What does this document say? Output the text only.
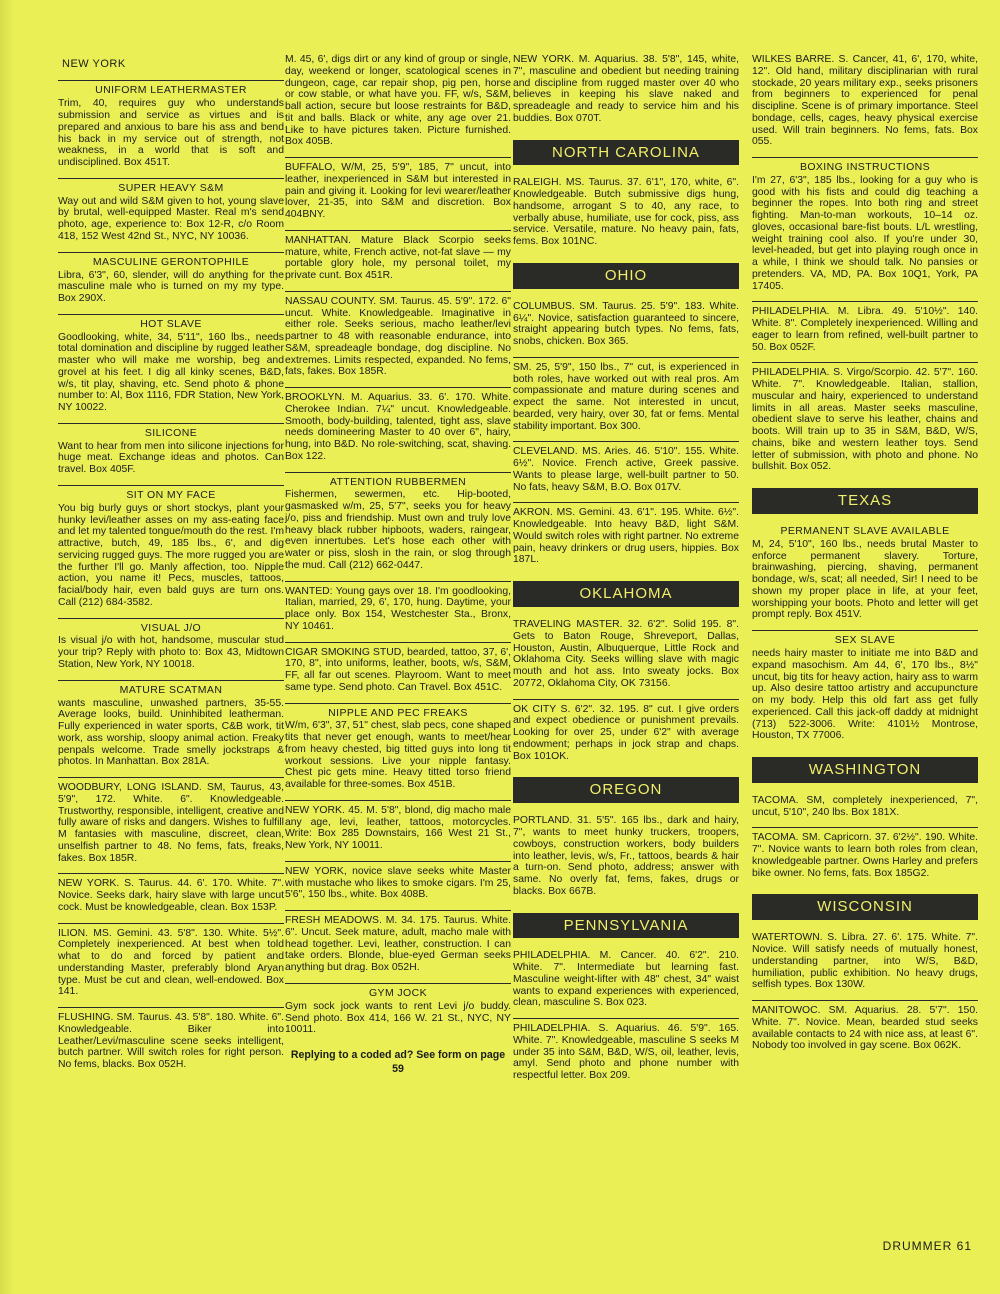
NEW YORK
UNIFORM LEATHERMASTER
Trim, 40, requires guy who understands submission and service as virtues and is prepared and anxious to bare his ass and bend his back in my service out of strength, not weakness, in a world that is soft and undisciplined. Box 451T.
SUPER HEAVY S&M
Way out and wild S&M given to hot, young slave by brutal, well-equipped Master. Real m's send photo, age, experience to: Box 12-R, c/o Room 418, 152 West 42nd St., NYC, NY 10036.
MASCULINE GERONTOPHILE
Libra, 6'3", 60, slender, will do anything for the masculine male who is turned on my my type. Box 290X.
HOT SLAVE
Goodlooking, white, 34, 5'11", 160 lbs., needs total domination and discipline by rugged leather master who will make me worship, beg and grovel at his feet. I dig all kinky scenes, B&D, w/s, tit play, shaving, etc. Send photo & phone number to: Al, Box 1116, FDR Station, New York, NY 10022.
SILICONE
Want to hear from men into silicone injections for huge meat. Exchange ideas and photos. Can travel. Box 405F.
SIT ON MY FACE
You big burly guys or short stockys, plant your hunky levi/leather asses on my ass-eating face and let my talented tongue/mouth do the rest. I'm attractive, butch, 49, 185 lbs., 6', and dig servicing rugged guys. The more rugged you are the further I'll go. Manly affection, too. Nipple action, you name it! Pecs, muscles, tattoos, facial/body hair, even bald guys are turn ons. Call (212) 684-3582.
VISUAL J/O
Is visual j/o with hot, handsome, muscular stud your trip? Reply with photo to: Box 43, Midtown Station, New York, NY 10018.
MATURE SCATMAN
wants masculine, unwashed partners, 35-55. Average looks, build. Uninhibited leatherman. Fully experienced in water sports, C&B work, tit work, ass worship, sloopy animal action. Freaky penpals welcome. Trade smelly jockstraps & photos. In Manhattan. Box 281A.
WOODBURY, LONG ISLAND. SM, Taurus, 43, 5'9", 172. White. 6". Knowledgeable. Trustworthy, responsible, intelligent, creative and fully aware of risks and dangers. Wishes to fulfill M fantasies with masculine, discreet, clean, unselfish partner to 48. No fems, fats, freaks, fakes. Box 185R.
NEW YORK. S. Taurus. 44. 6'. 170. White. 7". Novice. Seeks dark, hairy slave with large uncut cock. Must be knowledgeable, clean. Box 153P.
ILION. MS. Gemini. 43. 5'8". 130. White. 5½". Completely inexperienced. At best when told what to do and forced by patient and understanding Master, preferably blond Aryan type. Must be cut and clean, well-endowed. Box 141.
FLUSHING. SM. Taurus. 43. 5'8". 180. White. 6". Knowledgeable. Biker into Leather/Levi/masculine scene seeks intelligent, butch partner. Will switch roles for right person. No fems, blacks. Box 052H.
M. 45, 6', digs dirt or any kind of group or single, day, weekend or longer, scatological scenes in dungeon, cage, car repair shop, pig pen, horse or cow stable, or what have you. FF, w/s, S&M, ball action, secure but loose restraints for B&D, tit and balls. Black or white, any age over 21. Like to have pictures taken. Picture furnished. Box 405B.
BUFFALO, W/M, 25, 5'9", 185, 7" uncut, into leather, inexperienced in S&M but interested in pain and giving it. Looking for levi wearer/leather lover, 21-35, into S&M and discretion. Box 404BNY.
MANHATTAN. Mature Black Scorpio seeks mature, white, French active, not-fat slave — my portable glory hole, my personal toilet, my private cunt. Box 451R.
NASSAU COUNTY. SM. Taurus. 45. 5'9". 172. 6" uncut. White. Knowledgeable. Imaginative in either role. Seeks serious, macho leather/levi partner to 48 with reasonable endurance, into S&M, spreadeagle bondage, dog discipline. No extremes. Limits respected, expanded. No fems, fats, fakes. Box 185R.
BROOKLYN. M. Aquarius. 33. 6'. 170. White. Cherokee Indian. 7¼" uncut. Knowledgeable. Smooth, body-building, talented, tight ass, slave needs domineering Master to 40 over 6", hairy, hung, into B&D. No role-switching, scat, shaving. Box 122.
ATTENTION RUBBERMEN
Fishermen, sewermen, etc. Hip-booted, gasmasked w/m, 25, 5'7", seeks you for heavy j/o, piss and friendship. Must own and truly love heavy black rubber hipboots, waders, raingear, even innertubes. Let's hose each other with water or piss, slosh in the rain, or slog through the mud. Call (212) 662-0447.
WANTED: Young gays over 18. I'm goodlooking, Italian, married, 29, 6', 170, hung. Daytime, your place only. Box 154, Westchester Sta., Bronx, NY 10461.
CIGAR SMOKING STUD, bearded, tattoo, 37, 6', 170, 8", into uniforms, leather, boots, w/s, S&M, FF, all far out scenes. Playroom. Want to meet same type. Send photo. Can Travel. Box 451C.
NIPPLE AND PEC FREAKS
W/m, 6'3", 37, 51" chest, slab pecs, cone shaped tits that never get enough, wants to meet/hear from heavy chested, big titted guys into long tit workout sessions. Live your nipple fantasy. Chest pic gets mine. Heavy titted torso friend available for three-somes. Box 451B.
NEW YORK. 45. M. 5'8", blond, dig macho male any age, levi, leather, tattoos, motorcycles. Write: Box 285 Downstairs, 166 West 21 St., New York, NY 10011.
NEW YORK, novice slave seeks white Master with mustache who likes to smoke cigars. I'm 25, 5'6", 150 lbs., white. Box 408B.
FRESH MEADOWS. M. 34. 175. Taurus. White. 6". Uncut. Seek mature, adult, macho male with head together. Levi, leather, construction. I can take orders. Blonde, blue-eyed German seeks anything but drag. Box 052H.
GYM JOCK
Gym sock jock wants to rent Levi j/o buddy. Send photo. Box 414, 166 W. 21 St., NYC, NY 10011.
Replying to a coded ad? See form on page 59
NEW YORK. M. Aquarius. 38. 5'8", 145, white, 7", masculine and obedient but needing training and discipline from rugged master over 40 who believes in keeping his slave naked and spreadeagle and ready to service him and his buddies. Box 070T.
NORTH CAROLINA
RALEIGH. MS. Taurus. 37. 6'1", 170, white, 6". Knowledgeable. Butch submissive digs hung, handsome, arrogant S to 40, any race, to verbally abuse, humiliate, use for cock, piss, ass service. Versatile, mature. No heavy pain, fats, fems. Box 101NC.
OHIO
COLUMBUS. SM. Taurus. 25. 5'9". 183. White. 6¼". Novice, satisfaction guaranteed to sincere, straight appearing butch types. No fems, fats, snobs, chicken. Box 365.
SM. 25, 5'9", 150 lbs., 7" cut, is experienced in both roles, have worked out with real pros. Am compassionate and mature during scenes and expect the same. Not interested in uncut, bearded, very hairy, over 30, fat or fems. Mental stability important. Box 300.
CLEVELAND. MS. Aries. 46. 5'10". 155. White. 6½". Novice. French active, Greek passive. Wants to please large, well-built partner to 50. No fats, heavy S&M, B.O. Box 017V.
AKRON. MS. Gemini. 43. 6'1". 195. White. 6½". Knowledgeable. Into heavy B&D, light S&M. Would switch roles with right partner. No extreme pain, heavy drinkers or drug users, hippies. Box 187L.
OKLAHOMA
TRAVELING MASTER. 32. 6'2". Solid 195. 8". Gets to Baton Rouge, Shreveport, Dallas, Houston, Austin, Albuquerque, Little Rock and Oklahoma City. Seeks willing slave with magic mouth and hot ass. Into sweaty jocks. Box 20772, Oklahoma City, OK 73156.
OK CITY S. 6'2". 32. 195. 8" cut. I give orders and expect obedience or punishment prevails. Looking for over 25, under 6'2" with average endowment; perhaps in jock strap and chaps. Box 101OK.
OREGON
PORTLAND. 31. 5'5". 165 lbs., dark and hairy, 7", wants to meet hunky truckers, troopers, cowboys, construction workers, body builders into leather, levis, w/s, Fr., tattoos, beards & hair a turn-on. Send photo, address; answer with same. No overly fat, fems, fakes, drugs or blacks. Box 667B.
PENNSYLVANIA
PHILADELPHIA. M. Cancer. 40. 6'2". 210. White. 7". Intermediate but learning fast. Masculine weight-lifter with 48" chest, 34" waist wants to expand experiences with experienced, clean, masculine S. Box 023.
PHILADELPHIA. S. Aquarius. 46. 5'9". 165. White. 7". Knowledgeable, masculine S seeks M under 35 into S&M, B&D, W/S, oil, leather, levis, amyl. Send photo and phone number with respectful letter. Box 209.
WILKES BARRE. S. Cancer, 41, 6', 170, white, 12". Old hand, military disciplinarian with rural stockade, 20 years military exp., seeks prisoners from beginners to experienced for penal discipline. Scene is of primary importance. Steel bondage, cells, cages, heavy physical exercise used. Will train beginners. No fems, fats. Box 055.
BOXING INSTRUCTIONS
I'm 27, 6'3", 185 lbs., looking for a guy who is good with his fists and could dig teaching a beginner the ropes. Into both ring and street fighting. Man-to-man workouts, 10–14 oz. gloves, occasional bare-fist bouts. L/L wrestling, weight training cool also. If you're under 30, level-headed, but get into playing rough once in a while, I think we should talk. No pansies or pretenders. VA, MD, PA. Box 10Q1, York, PA 17405.
PHILADELPHIA. M. Libra. 49. 5'10½". 140. White. 8". Completely inexperienced. Willing and eager to learn from refined, well-built partner to 50. Box 052F.
PHILADELPHIA. S. Virgo/Scorpio. 42. 5'7". 160. White. 7". Knowledgeable. Italian, stallion, muscular and hairy, experienced to understand limits in all areas. Master seeks masculine, obedient slave to serve his leather, chains and boots. Will train up to 35 in S&M, B&D, W/S, chains, bike and western leather toys. Send letter of submission, with photo and phone. No bullshit. Box 052.
TEXAS
PERMANENT SLAVE AVAILABLE
M, 24, 5'10", 160 lbs., needs brutal Master to enforce permanent slavery. Torture, brainwashing, piercing, shaving, permanent bondage, w/s, scat; all needed, Sir! I need to be shown my proper place in life, at your feet, worshipping your boots. Photo and letter will get prompt reply. Box 451V.
SEX SLAVE
needs hairy master to initiate me into B&D and expand masochism. Am 44, 6', 170 lbs., 8½" uncut, big tits for heavy action, hairy ass to warm up. Also desire tattoo artistry and accupuncture on my body. Help this old fart ass get fully experienced. Call this jack-off daddy at midnight (713) 522-3006. Write: 4101½ Montrose, Houston, TX 77006.
WASHINGTON
TACOMA. SM, completely inexperienced, 7", uncut, 5'10", 240 lbs. Box 181X.
TACOMA. SM. Capricorn. 37. 6'2½". 190. White. 7". Novice wants to learn both roles from clean, knowledgeable partner. Owns Harley and prefers bike owner. No fems, fats. Box 185G2.
WISCONSIN
WATERTOWN. S. Libra. 27. 6'. 175. White. 7". Novice. Will satisfy needs of mutually honest, understanding partner, into W/S, B&D, humiliation, public exhibition. No heavy drugs, selfish types. Box 130W.
MANITOWOC. SM. Aquarius. 28. 5'7". 150. White. 7". Novice. Mean, bearded stud seeks available contacts to 24 with nice ass, at least 6". Nobody too involved in gay scene. Box 062K.
DRUMMER 61
